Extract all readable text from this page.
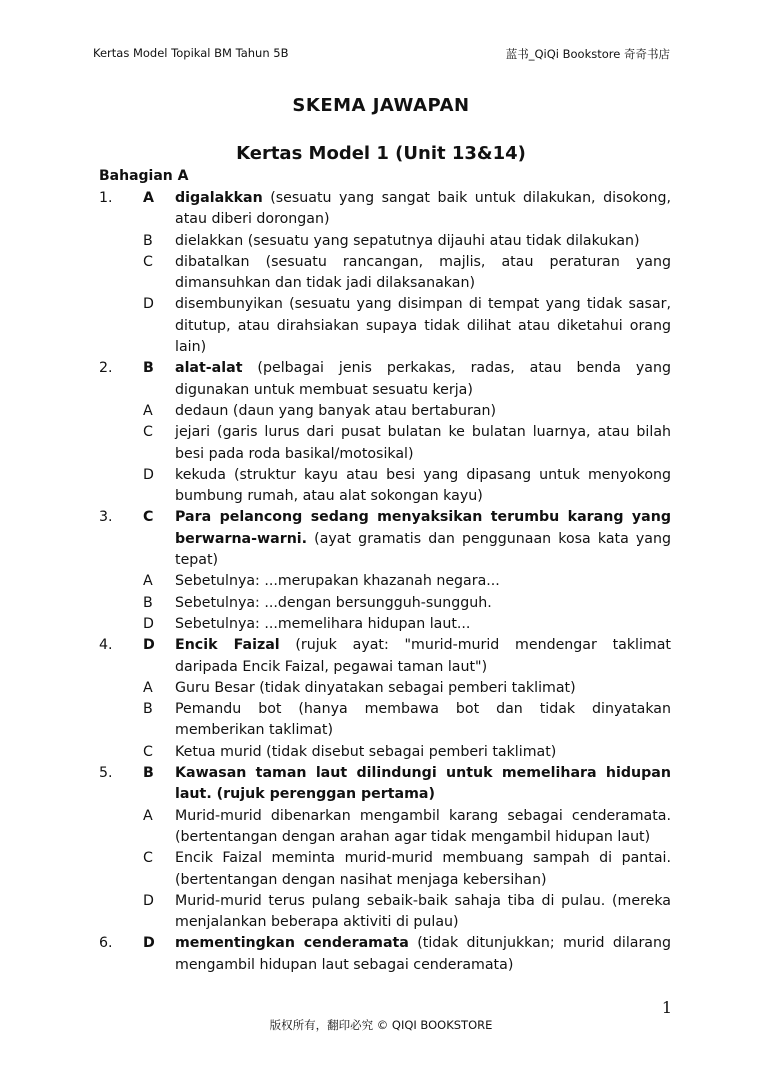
Kertas Model Topikal BM Tahun 5B	蓝书_QiQi Bookstore 奇奇书店
SKEMA JAWAPAN
Kertas Model 1 (Unit 13&14)
Bahagian A
1.	A	digalakkan (sesuatu yang sangat baik untuk dilakukan, disokong, atau diberi dorongan)
B	dielakkan (sesuatu yang sepatutnya dijauhi atau tidak dilakukan)
C	dibatalkan (sesuatu rancangan, majlis, atau peraturan yang dimansuhkan dan tidak jadi dilaksanakan)
D	disembunyikan (sesuatu yang disimpan di tempat yang tidak sasar, ditutup, atau dirahsiakan supaya tidak dilihat atau diketahui orang lain)
2.	B	alat-alat (pelbagai jenis perkakas, radas, atau benda yang digunakan untuk membuat sesuatu kerja)
A	dedaun (daun yang banyak atau bertaburan)
C	jejari (garis lurus dari pusat bulatan ke bulatan luarnya, atau bilah besi pada roda basikal/motosikal)
D	kekuda (struktur kayu atau besi yang dipasang untuk menyokong bumbung rumah, atau alat sokongan kayu)
3.	C	Para pelancong sedang menyaksikan terumbu karang yang berwarna-warni. (ayat gramatis dan penggunaan kosa kata yang tepat)
A	Sebetulnya: ...merupakan khazanah negara...
B	Sebetulnya: ...dengan bersungguh-sungguh.
D	Sebetulnya: ...memelihara hidupan laut...
4.	D	Encik Faizal (rujuk ayat: "murid-murid mendengar taklimat daripada Encik Faizal, pegawai taman laut")
A	Guru Besar (tidak dinyatakan sebagai pemberi taklimat)
B	Pemandu bot (hanya membawa bot dan tidak dinyatakan memberikan taklimat)
C	Ketua murid (tidak disebut sebagai pemberi taklimat)
5.	B	Kawasan taman laut dilindungi untuk memelihara hidupan laut. (rujuk perenggan pertama)
A	Murid-murid dibenarkan mengambil karang sebagai cenderamata. (bertentangan dengan arahan agar tidak mengambil hidupan laut)
C	Encik Faizal meminta murid-murid membuang sampah di pantai. (bertentangan dengan nasihat menjaga kebersihan)
D	Murid-murid terus pulang sebaik-baik sahaja tiba di pulau. (mereka menjalankan beberapa aktiviti di pulau)
6.	D	mementingkan cenderamata (tidak ditunjukkan; murid dilarang mengambil hidupan laut sebagai cenderamata)
1
版权所有，翻印必究 © QIQI BOOKSTORE
